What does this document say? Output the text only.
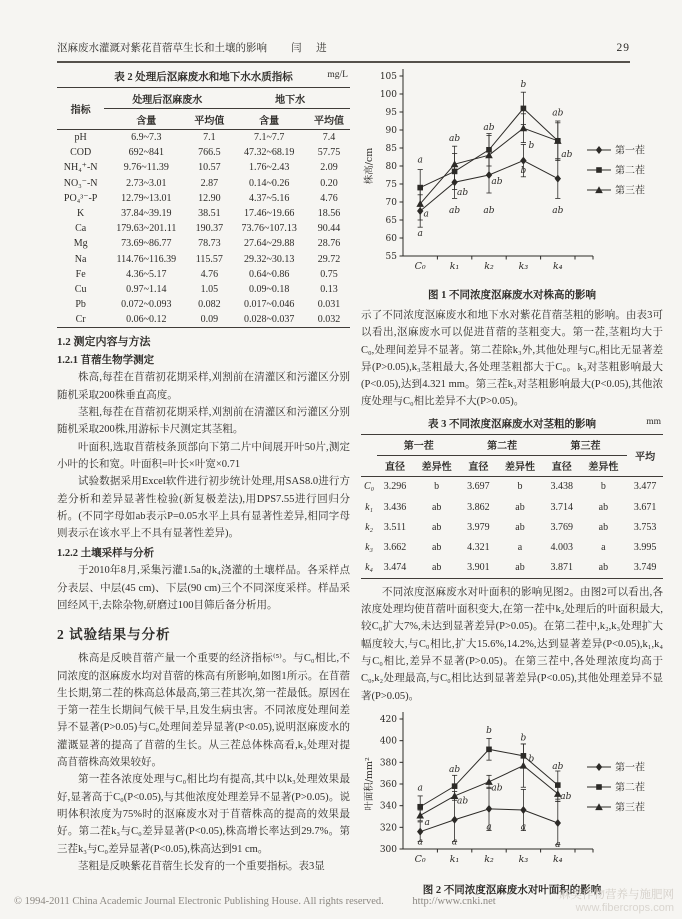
沤麻废水灌溉对紫花苜蓿草生长和土壤的影响 闫 进	29
表 2 处理后沤麻废水和地下水水质指标	mg/L
指标	处理后沤麻废水		地下水	
	含量	平均值	含量	平均值
pH	6.9~7.3	7.1	7.1~7.7	7.4
COD	692~841	766.5	47.32~68.19	57.75
NH₄⁺-N	9.76~11.39	10.57	1.76~2.43	2.09
NO₃⁻-N	2.73~3.01	2.87	0.14~0.26	0.20
PO₄³⁻-P	12.79~13.01	12.90	4.37~5.16	4.76
K	37.84~39.19	38.51	17.46~19.66	18.56
Ca	179.63~201.11	190.37	73.76~107.13	90.44
Mg	73.69~86.77	78.73	27.64~29.88	28.76
Na	114.76~116.39	115.57	29.32~30.13	29.72
Fe	4.36~5.17	4.76	0.64~0.86	0.75
Cu	0.97~1.14	1.05	0.09~0.18	0.13
Pb	0.072~0.093	0.082	0.017~0.046	0.031
Cr	0.06~0.12	0.09	0.028~0.037	0.032
1.2 测定内容与方法
1.2.1 苜蓿生物学测定

株高,每茬在苜蓿初花期采样,刈割前在清灌区和污灌区分别随机采取200株垂直高度。

茎粗,每茬在苜蓿初花期采样,刈割前在清灌区和污灌区分别随机采取200株,用游标卡尺测定其茎粗。

叶面积,选取苜蓿枝条顶部向下第二片中间展开叶50片,测定小叶的长和宽。叶面积=叶长×叶宽×0.71

试验数据采用Excel软件进行初步统计处理,用SAS8.0进行方差分析和差异显著性检验(新复极差法),用DPS7.55进行回归分析。(不同字母如ab表示P=0.05水平上具有显著性差异,相同字母则表示在该水平上不具有显著性差异)。

1.2.2 土壤采样与分析

于2010年8月,采集污灌1.5a的k₄浇灌的土壤样品。各采样点分表层、中层(45 cm)、下层(90 cm)三个不同深度采样。样品采回经风干,去除杂物,研磨过100目筛后备分析用。

2 试验结果与分析

株高是反映苜蓿产量一个重要的经济指标⁽⁵⁾。与C₀相比,不同浓度的沤麻废水均对苜蓿的株高有所影响,如图1所示。在苜蓿生长期,第二茬的株高总体最高,第三茬其次,第一茬最低。原因在于第一茬生长期间气候干旱,且发生病虫害。不同浓度处理间差异不显著(P>0.05)与C₀处理间差异显著(P<0.05),说明沤麻废水的灌溉显著的提高了苜蓿的生长。从三茬总体株高看,k₃处理对提高苜蓿株高效果较好。

第一茬各浓度处理与C₀相比均有提高,其中以k₃处理效果最好,显著高于C₀(P<0.05),与其他浓度处理差异不显著(P>0.05)。说明体积浓度为75%时的沤麻废水对于苜蓿株高的提高的效果最好。第二茬k₃与C₀差异显著(P<0.05),株高增长率达到29.7%。第三茬k₃与C₀差异显著(P<0.05),株高达到91 cm。

茎粗是反映紫花苜蓿生长发育的一个重要指标。表3显

55
60
65
70
75
80
85
90
95
100
105
C₀	k₁	k₂	k₃	k₄
株高/cm	a
a
a
ab
ab
ab
ab
ab
ab
b
b
b
ab
ab
ab
第一茬
第二茬
第三茬
图 1 不同浓度沤麻废水对株高的影响

示了不同浓度沤麻废水和地下水对紫花苜蓿茎粗的影响。由表3可以看出,沤麻废水可以促进苜蓿的茎粗变大。第一茬,茎粗均大于C₀,处理间差异不显著。第二茬除k₃外,其他处理与C₀相比无显著差异(P>0.05),k₃茎粗最大,各处理茎粗都大于C₀。k₃对茎粗影响最大(P<0.05),达到4.321 mm。第三茬k₃对茎粗影响最大(P<0.05),其他浓度处理与C₀相比差异不大(P>0.05)。

表 3 不同浓度沤麻废水对茎粗的影响	mm
	第一茬		第二茬		第三茬		平均
	直径	差异性	直径	差异性	直径	差异性	
C₀	3.296	b	3.697	b	3.438	b	3.477
k₁	3.436	ab	3.862	ab	3.714	ab	3.671
k₂	3.511	ab	3.979	ab	3.769	ab	3.753
k₃	3.662	ab	4.321	a	4.003	a	3.995
k₄	3.474	ab	3.901	ab	3.871	ab	3.749

不同浓度沤麻废水对叶面积的影响见图2。由图2可以看出,各浓度处理均使苜蓿叶面积变大,在第一茬中k₂处理后的叶面积最大,较C₀扩大7%,未达到显著差异(P>0.05)。在第二茬中,k₂,k₃处理扩大幅度较大,与C₀相比,扩大15.6%,14.2%,达到显著差异(P<0.05),k₁,k₄与C₀相比,差异不显著(P>0.05)。在第三茬中,各处理浓度均高于C₀,k₂处理最高,与C₀相比达到显著差异(P<0.05),其他处理差异不显著(P>0.05)。

300
320
340
360
380
400
420
C₀	k₁	k₂	k₃	k₄
叶面积/mm²	a
a
a
ab
ab
a
b
ab
a
b
b
a
ab
ab
a
第一茬
第二茬
第三茬
图 2 不同浓度沤麻废水对叶面积的影响
© 1994-2011 China Academic Journal Electronic Publishing House. All rights reserved.	http://www.cnki.net
麻类作物营养与施肥网
www.fibercrops.com
